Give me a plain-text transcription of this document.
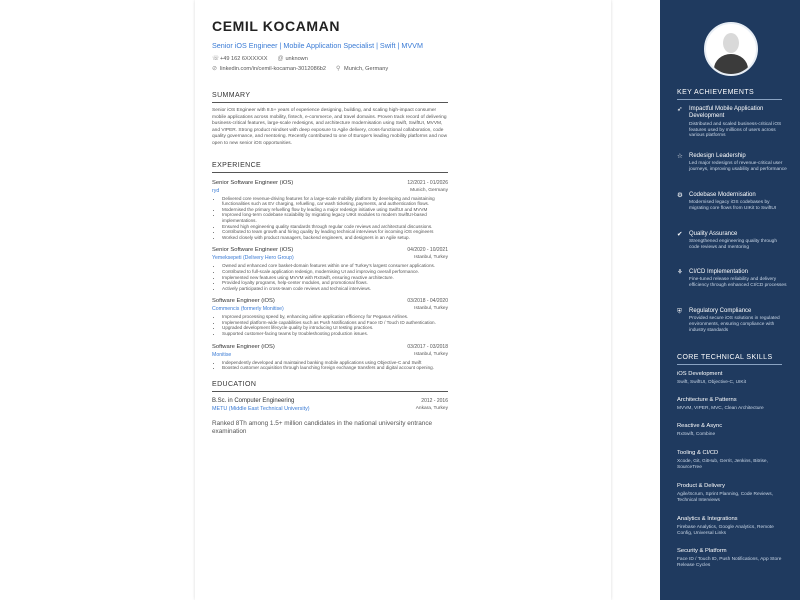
CEMIL KOCAMAN
Senior iOS Engineer | Mobile Application Specialist | Swift | MVVM
☏+49 162 6XXXXXX @ unknown
⊘ linkedin.com/in/cemil-kocaman-3012086b2 ⚲ Munich, Germany
SUMMARY
Senior iOS Engineer with 8.5+ years of experience designing, building, and scaling high-impact consumer mobile applications across mobility, fintech, e-commerce, and travel domains. Proven track record of delivering business-critical features, large-scale redesigns, and architecture modernisation using Swift, SwiftUI, MVVM, and VIPER. Strong product mindset with deep exposure to Agile delivery, cross-functional collaboration, code quality governance, and mentoring. Recently contributed to one of Europe's leading mobility platforms and now open to new senior iOS opportunities.
EXPERIENCE
Senior Software Engineer (iOS)	12/2021 - 01/2026
ryd	Munich, Germany
• Delivered core revenue-driving features for a large-scale mobility platform by developing and maintaining functionalities such as EV charging, refuelling, car wash ticketing, payments, and authentication flows.
• Modernised the primary refuelling flow by leading a major redesign initiative using SwiftUI and MVVM
• Improved long-term codebase scalability by migrating legacy UIKit modules to modern SwiftUI-based implementations.
• Ensured high engineering quality standards through regular code reviews and architectural discussions.
• Contributed to team growth and hiring quality by leading technical interviews for incoming iOS engineers
• Worked closely with product managers, backend engineers, and designers in an Agile setup.
Senior Software Engineer (iOS)	04/2020 - 10/2021
Yemeksepeti (Delivery Hero Group)	Istanbul, Turkey
• Owned and enhanced core basket-domain features within one of Turkey's largest consumer applications.
• Contributed to full-scale application redesign, modernising UI and improving overall performance.
• Implemented new features using MVVM with RxSwift, ensuring reactive architecture.
• Provided loyalty programs, help-center modules, and promotional flows.
• Actively participated in cross-team code reviews and technical interviews.
Software Engineer (iOS)	03/2018 - 04/2020
Commencis (formerly Monitise)	Istanbul, Turkey
• Improved processing speed by, enhancing airline application efficiency for Pegasus Airlines.
• Implemented platform-wide capabilities such as Push Notifications and Face ID / Touch ID authentication.
• Upgraded development lifecycle quality by introducing UI testing practices.
• Supported customer-facing teams by troubleshooting production issues.
Software Engineer (iOS)	03/2017 - 03/2018
Monitise	Istanbul, Turkey
• Independently developed and maintained banking mobile applications using Objective-C and Swift
• Boosted customer acquisition through launching foreign exchange transfers and digital account opening.
EDUCATION
B.Sc. in Computer Engineering	2012 - 2016
METU (Middle East Technical University)	Ankara, Turkey
Ranked 8Th among 1.5+ million candidates in the national university entrance examination
KEY ACHIEVEMENTS
➶ Impactful Mobile Application Development
Distributed and scaled business-critical iOS features used by millions of users across various platforms
☆ Redesign Leadership
Led major redesigns of revenue-critical user journeys, improving usability and performance
⚙ Codebase Modernisation
Modernised legacy iOS codebases by migrating core flows from UIKit to SwiftUI
✔ Quality Assurance
Strengthened engineering quality through code reviews and mentoring
⚘ CI/CD Implementation
Fine-tuned release reliability and delivery efficiency through enhanced CI/CD processes
⛨	Regulatory Compliance
Provided secure iOS solutions in regulated environments, ensuring compliance with industry standards
CORE TECHNICAL SKILLS
iOS Development
Swift, SwiftUI, Objective-C, UIKit
Architecture & Patterns
MVVM, VIPER, MVC, Clean Architecture
Reactive & Async
RxSwift, Combine
Tooling & CI/CD
Xcode, Git, GitHub, Gerrit, Jenkins, Bitrise, SourceTree
Product & Delivery
Agile/Scrum, Sprint Planning, Code Reviews, Technical Interviews
Analytics & Integrations
Firebase Analytics, Google Analytics, Remote Config, Universal Links
Security & Platform
Face ID / Touch ID, Push Notifications, App Store Release Cycles
